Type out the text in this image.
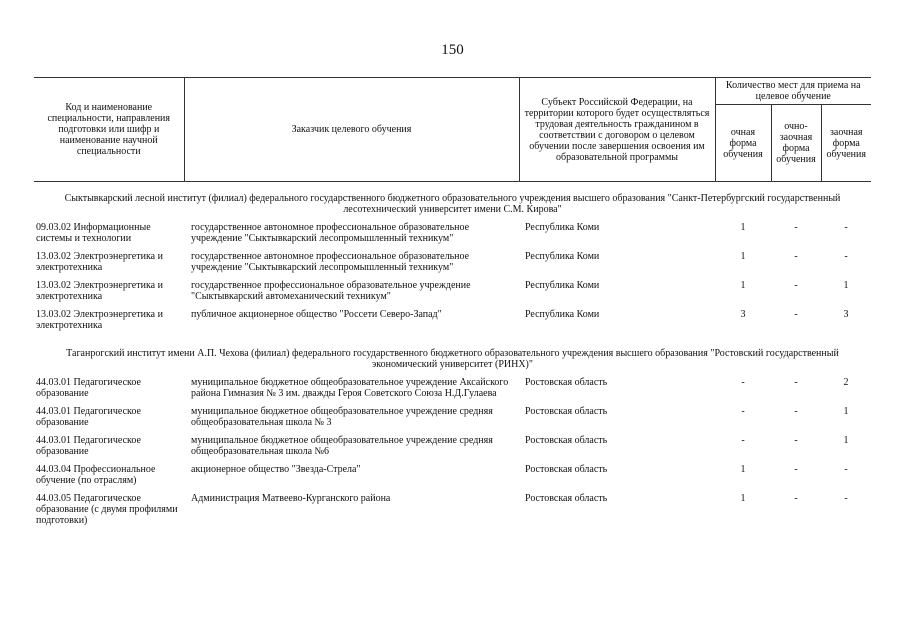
150
Код и наименование специальности, направления подготовки или шифр и наименование научной специальности	Заказчик целевого обучения	Субъект Российской Федерации, на территории которого будет осуществляться трудовая деятельность гражданином в соответствии с договором о целевом обучении после завершения освоения им образовательной программы	Количество мест для приема на целевое обучение		
			очная форма обучения	очно-заочная форма обучения	заочная форма обучения
Сыктывкарский лесной институт (филиал) федерального государственного бюджетного образовательного учреждения высшего образования "Санкт-Петербургский государственный лесотехнический университет имени С.М. Кирова"					
09.03.02 Информационные системы и технологии	государственное автономное профессиональное образовательное учреждение "Сыктывкарский лесопромышленный техникум"	Республика Коми	1	-	-
13.03.02 Электроэнергетика и электротехника	государственное автономное профессиональное образовательное учреждение "Сыктывкарский лесопромышленный техникум"	Республика Коми	1	-	-
13.03.02 Электроэнергетика и электротехника	государственное профессиональное образовательное учреждение "Сыктывкарский автомеханический техникум"	Республика Коми	1	-	1
13.03.02 Электроэнергетика и электротехника	публичное акционерное общество "Россети Северо-Запад"	Республика Коми	3	-	3
Таганрогский институт имени А.П. Чехова (филиал) федерального государственного бюджетного образовательного учреждения высшего образования "Ростовский государственный экономический университет (РИНХ)"					
44.03.01 Педагогическое образование	муниципальное бюджетное общеобразовательное учреждение Аксайского района Гимназия № 3 им. дважды Героя Советского Союза Н.Д.Гулаева	Ростовская область	-	-	2
44.03.01 Педагогическое образование	муниципальное бюджетное общеобразовательное учреждение средняя общеобразовательная школа № 3	Ростовская область	-	-	1
44.03.01 Педагогическое образование	муниципальное бюджетное общеобразовательное учреждение средняя общеобразовательная школа №6	Ростовская область	-	-	1
44.03.04 Профессиональное обучение (по отраслям)	акционерное общество "Звезда-Стрела"	Ростовская область	1	-	-
44.03.05 Педагогическое образование (с двумя профилями подготовки)	Администрация Матвеево-Курганского района	Ростовская область	1	-	-
